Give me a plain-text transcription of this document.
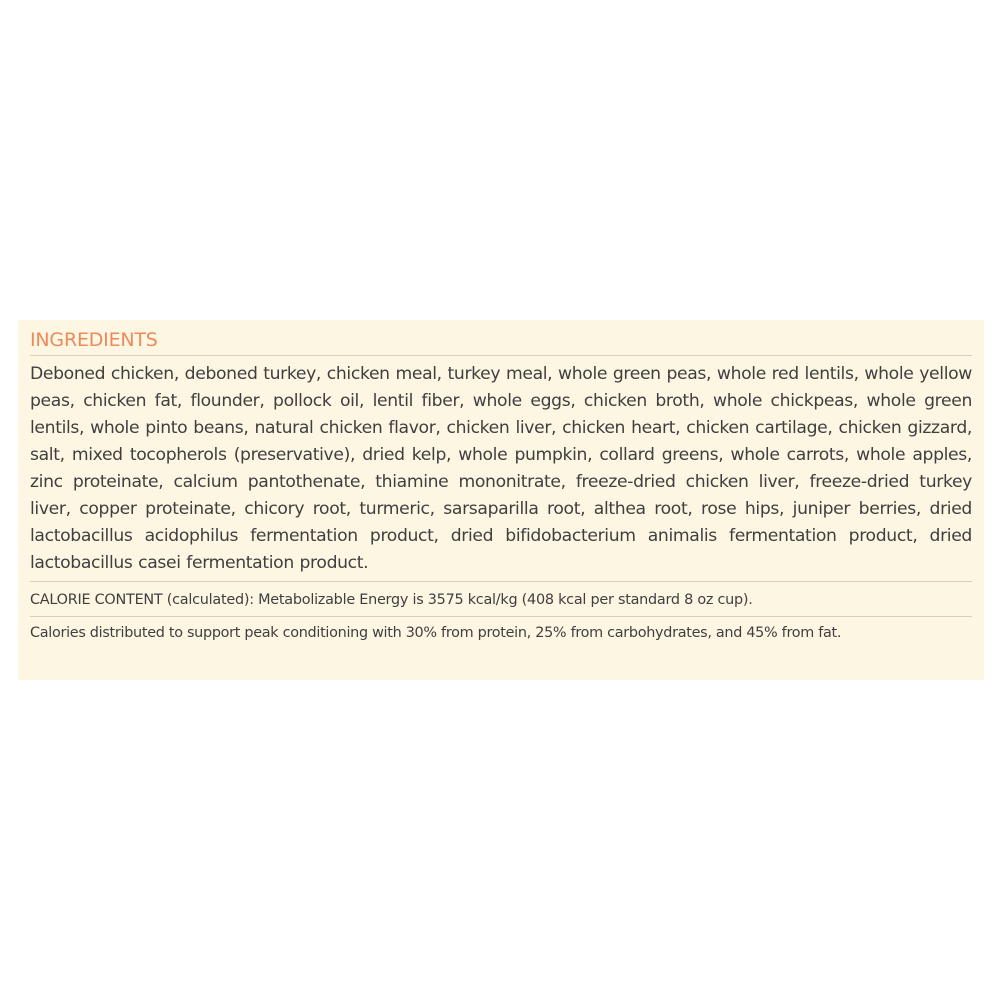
INGREDIENTS

Deboned chicken, deboned turkey, chicken meal, turkey meal, whole green peas, whole red lentils, whole yellow peas, chicken fat, flounder, pollock oil, lentil fiber, whole eggs, chicken broth, whole chickpeas, whole green lentils, whole pinto beans, natural chicken flavor, chicken liver, chicken heart, chicken cartilage, chicken gizzard, salt, mixed tocopherols (preservative), dried kelp, whole pumpkin, collard greens, whole carrots, whole apples, zinc proteinate, calcium pantothenate, thiamine mononitrate, freeze-dried chicken liver, freeze-dried turkey liver, copper proteinate, chicory root, turmeric, sarsaparilla root, althea root, rose hips, juniper berries, dried lactobacillus acidophilus fermentation product, dried bifidobacterium animalis fermentation product, dried lactobacillus casei fermentation product.

CALORIE CONTENT (calculated): Metabolizable Energy is 3575 kcal/kg (408 kcal per standard 8 oz cup).
Calories distributed to support peak conditioning with 30% from protein, 25% from carbohydrates, and 45% from fat.
